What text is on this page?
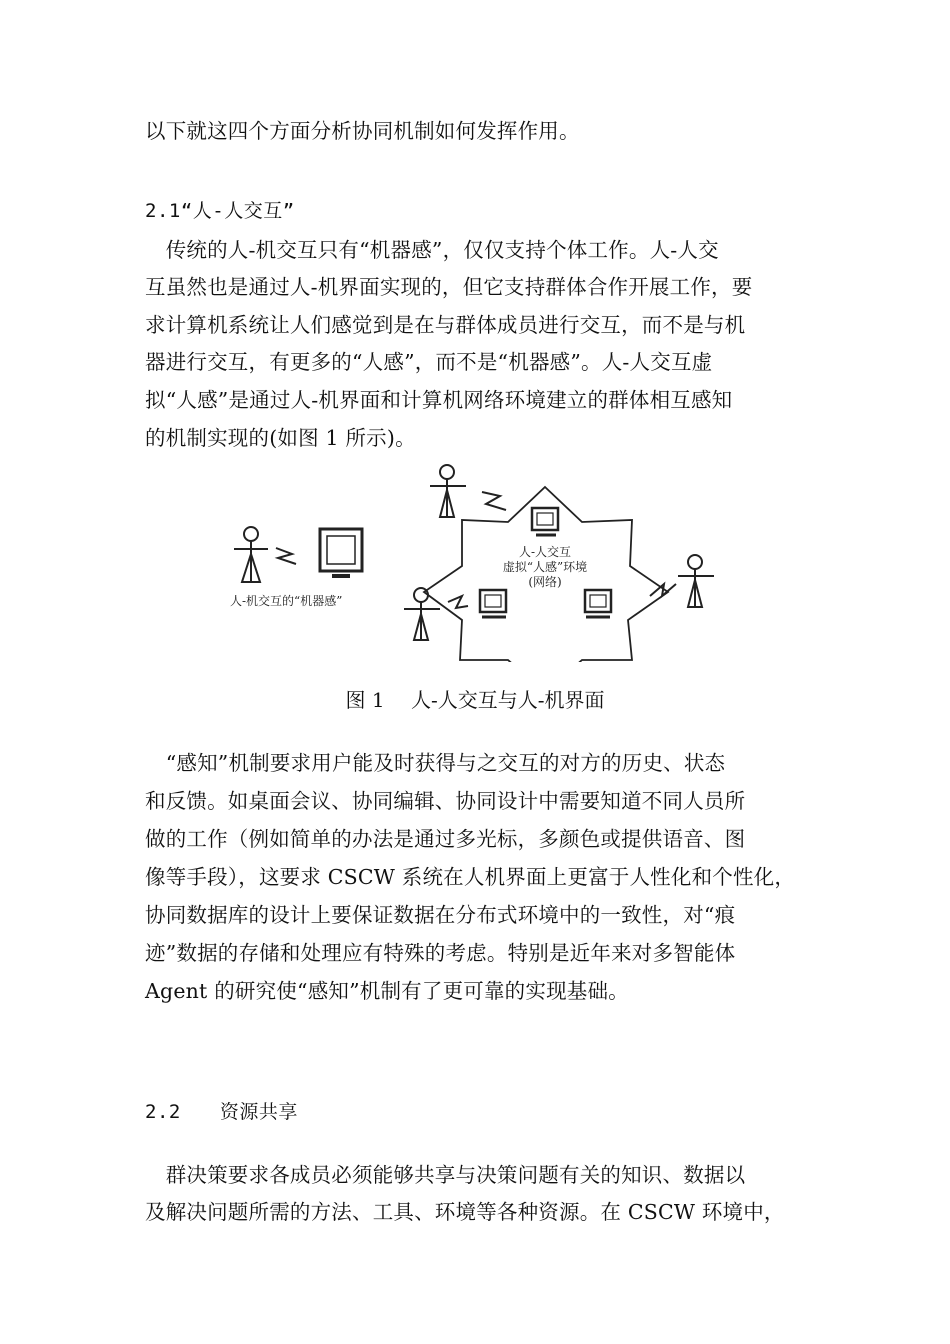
以下就这四个方面分析协同机制如何发挥作用。
2.1“人-人交互”
　传统的人-机交互只有“机器感”，仅仅支持个体工作。人-人交
互虽然也是通过人-机界面实现的，但它支持群体合作开展工作，要
求计算机系统让人们感觉到是在与群体成员进行交互，而不是与机
器进行交互，有更多的“人感”，而不是“机器感”。人-人交互虚
拟“人感”是通过人-机界面和计算机网络环境建立的群体相互感知
的机制实现的(如图 1 所示)。
人-机交互的“机器感”
人-人交互
虚拟“人感”环境
(网络)
图 1　 人-人交互与人-机界面
　“感知”机制要求用户能及时获得与之交互的对方的历史、状态
和反馈。如桌面会议、协同编辑、协同设计中需要知道不同人员所
做的工作（例如简单的办法是通过多光标，多颜色或提供语音、图
像等手段），这要求 CSCW 系统在人机界面上更富于人性化和个性化，
协同数据库的设计上要保证数据在分布式环境中的一致性，对“痕
迹”数据的存储和处理应有特殊的考虑。特别是近年来对多智能体
Agent 的研究使“感知”机制有了更可靠的实现基础。
2.2　　资源共享
　群决策要求各成员必须能够共享与决策问题有关的知识、数据以
及解决问题所需的方法、工具、环境等各种资源。在 CSCW 环境中，
